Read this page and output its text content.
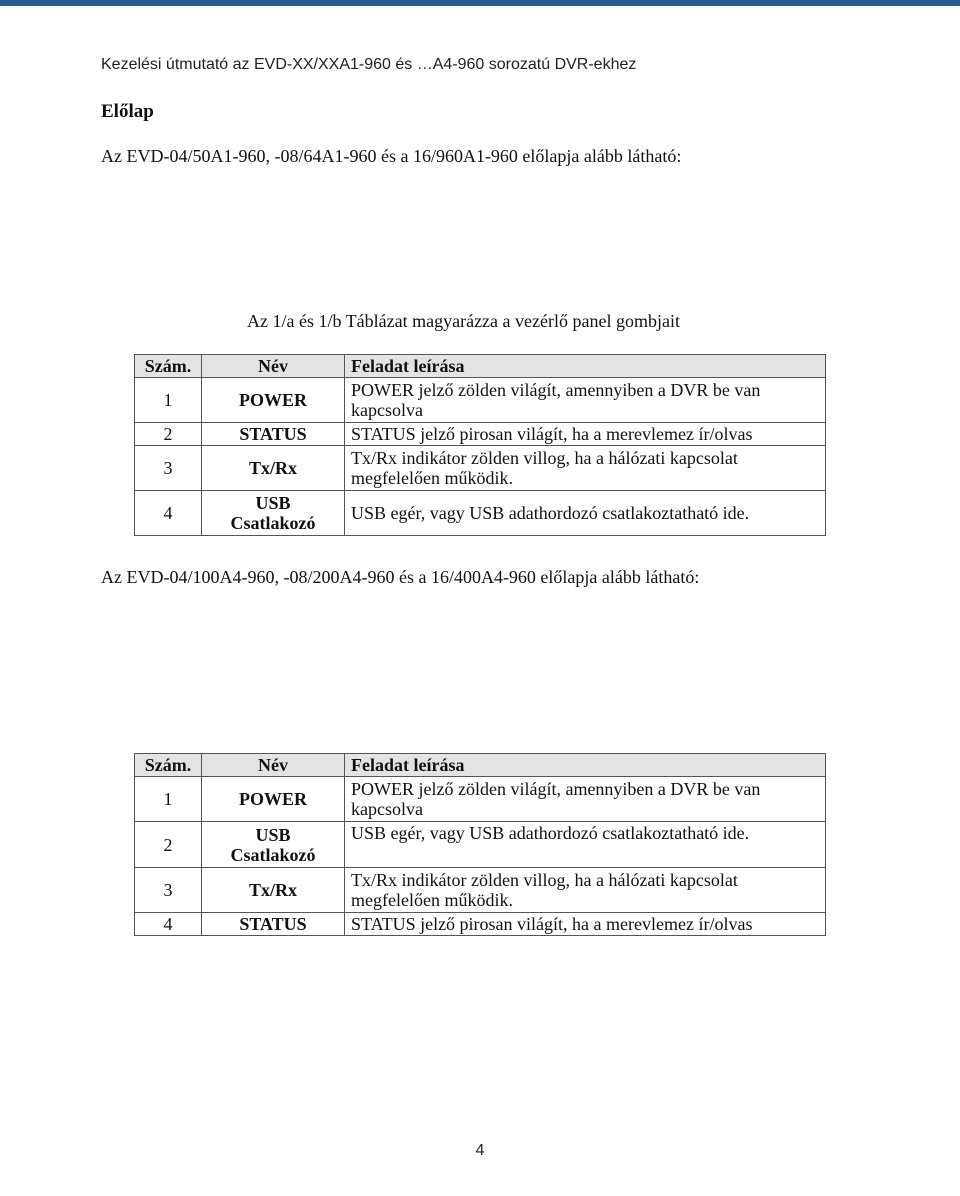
Kezelési útmutató az EVD-XX/XXA1-960 és …A4-960 sorozatú DVR-ekhez
Előlap
Az EVD-04/50A1-960, -08/64A1-960 és a 16/960A1-960 előlapja alább látható:
Az 1/a és 1/b Táblázat magyarázza a vezérlő panel gombjait
Szám.	Név	Feladat leírása
1	POWER	POWER jelző zölden világít, amennyiben a DVR be van
kapcsolva

2	STATUS	STATUS jelző pirosan világít, ha a merevlemez ír/olvas
3	Tx/Rx	Tx/Rx indikátor zölden villog, ha a hálózati kapcsolat
megfelelően működik.

4	USB
Csatlakozó	USB egér, vagy USB adathordozó csatlakoztatható ide.
Az EVD-04/100A4-960, -08/200A4-960 és a 16/400A4-960 előlapja alább látható:
Szám.	Név	Feladat leírása
1	POWER	POWER jelző zölden világít, amennyiben a DVR be van
kapcsolva

2	USB
Csatlakozó	USB egér, vagy USB adathordozó csatlakoztatható ide.
3	Tx/Rx	Tx/Rx indikátor zölden villog, ha a hálózati kapcsolat
megfelelően működik.

4	STATUS	STATUS jelző pirosan világít, ha a merevlemez ír/olvas
4
